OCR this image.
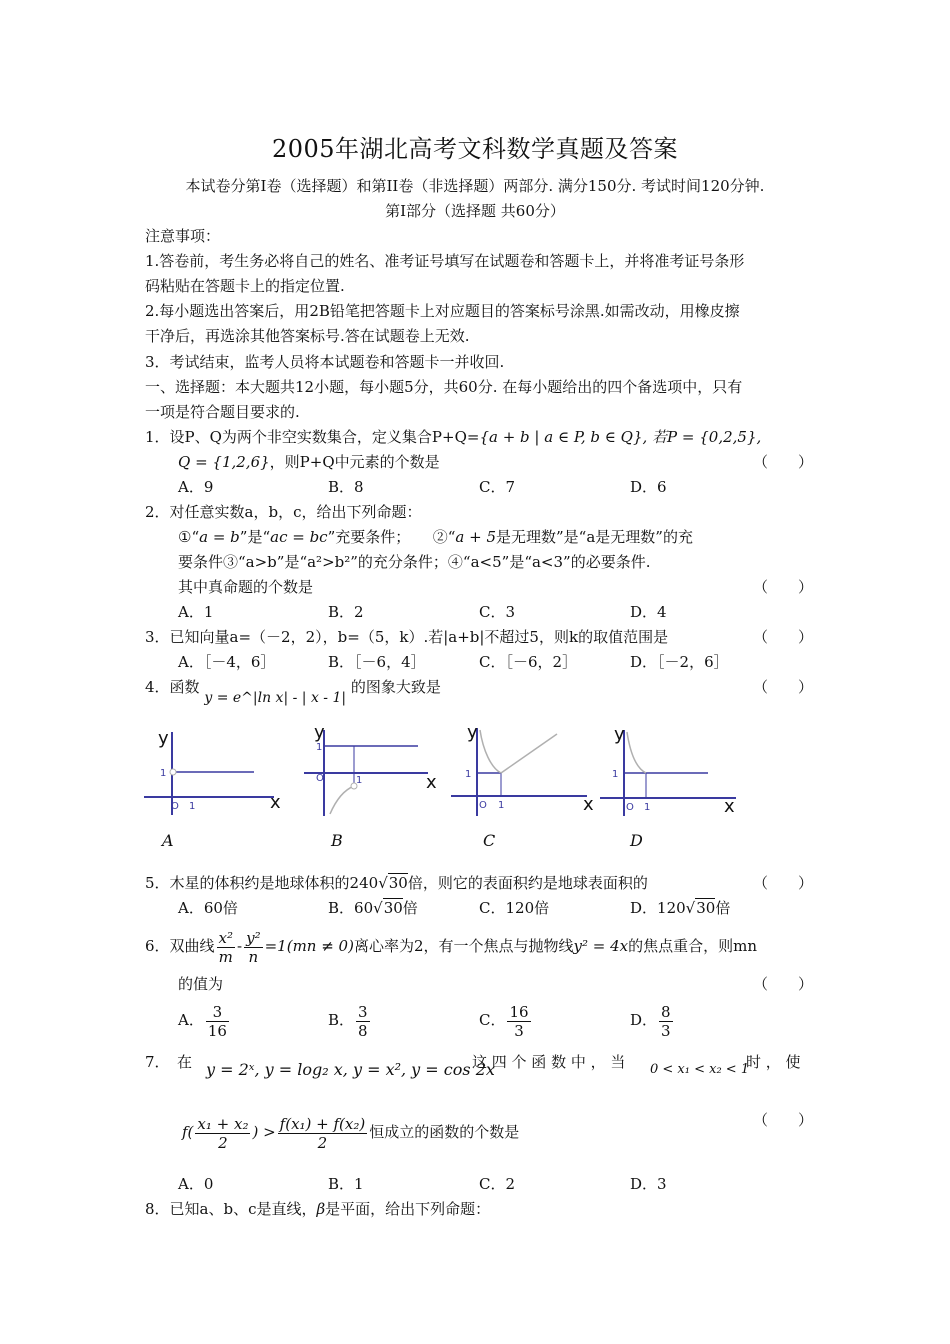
2005年湖北高考文科数学真题及答案
本试卷分第Ⅰ卷（选择题）和第II卷（非选择题）两部分. 满分150分. 考试时间120分钟.
第Ⅰ部分（选择题 共60分）
注意事项：
1.答卷前，考生务必将自己的姓名、准考证号填写在试题卷和答题卡上，并将准考证号条形
码粘贴在答题卡上的指定位置.
2.每小题选出答案后，用2B铅笔把答题卡上对应题目的答案标号涂黑.如需改动，用橡皮擦
干净后，再选涂其他答案标号.答在试题卷上无效.
3．考试结束，监考人员将本试题卷和答题卡一并收回.
一、选择题：本大题共12小题，每小题5分，共60分. 在每小题给出的四个备选项中，只有
一项是符合题目要求的.
1．设P、Q为两个非空实数集合，定义集合P+Q={a + b | a ∈ P, b ∈ Q}, 若P = {0,2,5},
Q = {1,2,6}，则P+Q中元素的个数是	（　　）
A．9	B．8	C．7	D．6
2．对任意实数a，b，c，给出下列命题：
①“a = b”是“ac = bc”充要条件；　　②“a + 5是无理数”是“a是无理数”的充
要条件③“a>b”是“a²>b²”的充分条件；④“a<5”是“a<3”的必要条件.
其中真命题的个数是	（　　）
A．1	B．2	C．3	D．4
3．已知向量a=（－2，2），b=（5，k）.若|a+b|不超过5，则k的取值范围是	（　　）
A．［－4，6］	B．［－6，4］	C．［－6，2］	D．［－2，6］
4．函数 y = e^|ln x| - | x - 1| 的图象大致是	（　　）
y
x
1
O 1
y
x
1
O	1
y
x
1
O 1
y
x
1
O 1
A	B	C	D
5．木星的体积约是地球体积的240√30倍，则它的表面积约是地球表面积的	（　　）
A．60倍	B．60√30倍	C．120倍	D．120√30倍
6．双曲线 $\frac{\text{x²}}{m} - \frac{\text{y²}}{n} =1(mn \ne 0)$离心率为2，有一个焦点与抛物线y² = 4x的焦点重合，则mn
的值为	（　　）
A． $\frac{3}{16}$	B． $\frac{3}{8}$	C． $\frac{16}{3}$	D． $\frac{8}{3}$
7．　在 y = 2ˣ, y = log₂ x, y = x², y = cos 2x
这 四 个 函 数 中 ， 当 0 < x₁ < x₂ < 1
时 ， 使
$f( \frac{\text{x₁ + x₂}}{2}$ ) > $\frac{\text{f(x₁) + f(x₂)}}{2}$ 恒成立的函数的个数是
（　　）
A．0	B．1	C．2	D．3
8．已知a、b、c是直线，β是平面，给出下列命题：
